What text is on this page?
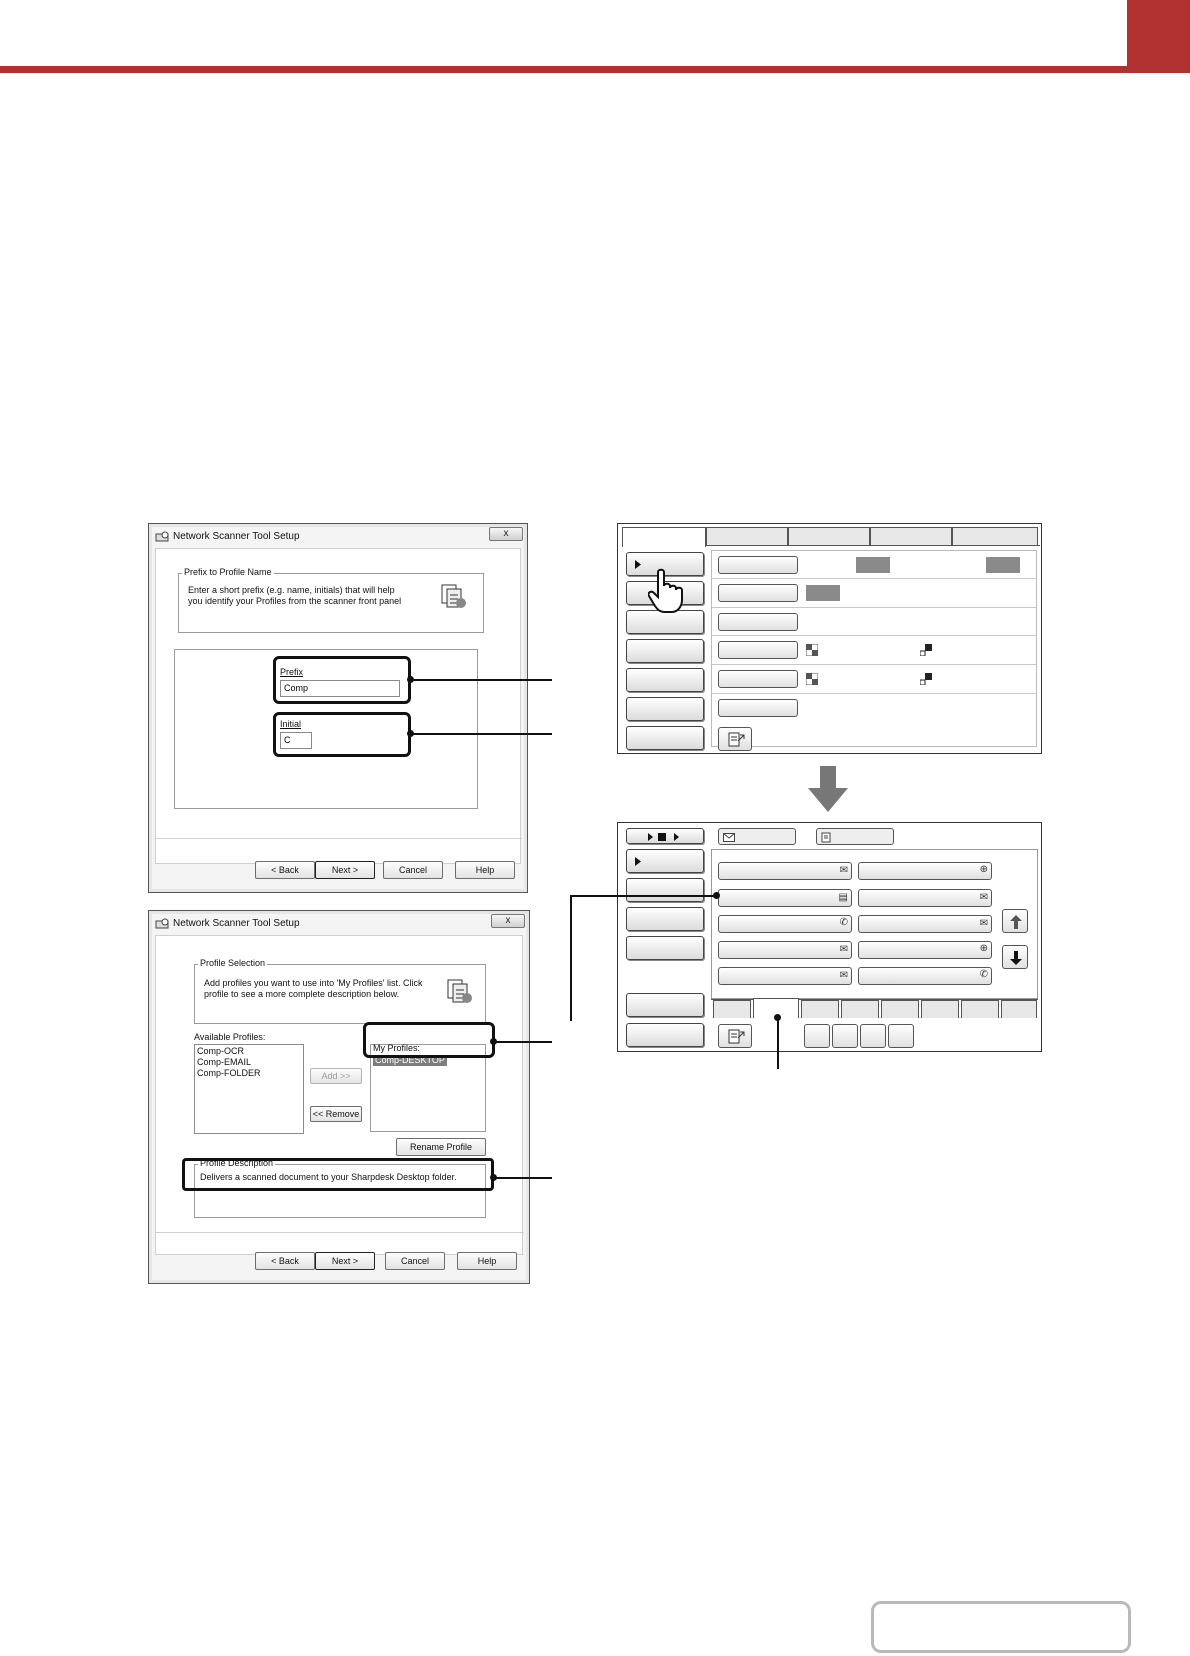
Network Scanner Tool Setup	x
Prefix to Profile Name
Enter a short prefix (e.g. name, initials) that will help you identify your Profiles from the scanner front panel
Prefix
Comp
Initial
C
< Back	Next >	Cancel	Help
Network Scanner Tool Setup	x
Profile Selection
Add profiles you want to use into 'My Profiles' list. Click profile to see a more complete description below.
Available Profiles:
Comp-OCR
Comp-EMAIL
Comp-FOLDER	Add >>
<< Remove
My Profiles:
Comp-DESKTOP
Rename Profile
Profile Description
Delivers a scanned document to your Sharpdesk Desktop folder.
< Back	Next >	Cancel	Help
✉	⊕
▤	✉
✆	✉
✉	⊕
✉	✆
